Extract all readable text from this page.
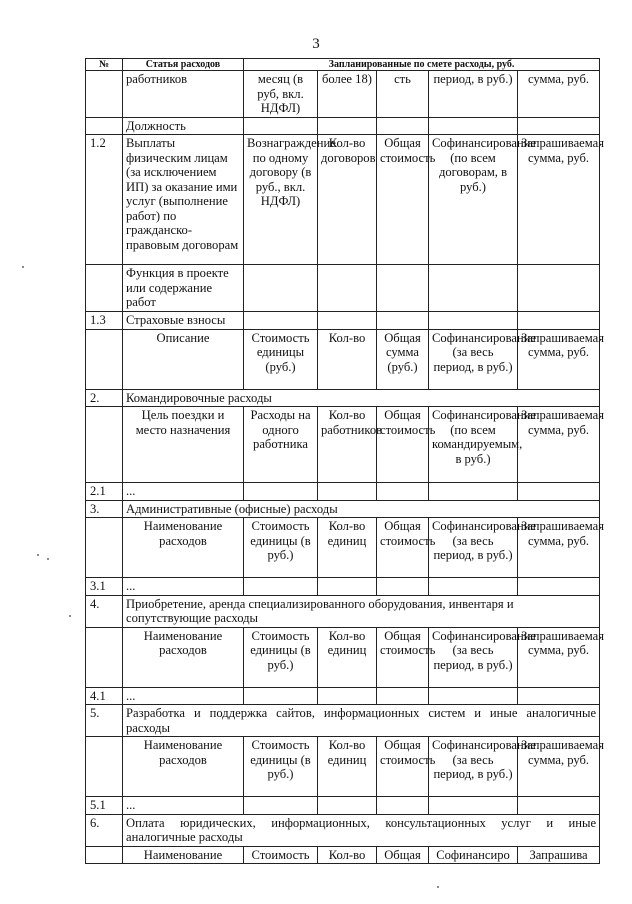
3
№	Статья расходов	Запланированные по смете расходы, руб.				
	работников	месяц (в руб, вкл. НДФЛ)	более 18)	сть	период, в руб.)	сумма, руб.
	Должность					
1.2	Выплаты физическим лицам (за исключением ИП) за оказание ими услуг (выполнение работ) по гражданско-правовым договорам	Вознаграждение по одному договору (в руб., вкл. НДФЛ)	Кол-во договоров	Общая стоимость	Софинансирование (по всем договорам, в руб.)	Запрашиваемая сумма, руб.
	Функция в проекте или содержание работ					
1.3	Страховые взносы					
	Описание	Стоимость единицы (руб.)	Кол-во	Общая сумма (руб.)	Софинансирование (за весь период, в руб.)	Запрашиваемая сумма, руб.
2.	Командировочные расходы					
	Цель поездки и место назначения	Расходы на одного работника	Кол-во работников	Общая стоимость	Софинансирование (по всем командируемым, в руб.)	Запрашиваемая сумма, руб.
2.1	...					
3.	Административные (офисные) расходы					
	Наименование расходов	Стоимость единицы (в руб.)	Кол-во единиц	Общая стоимость	Софинансирование (за весь период, в руб.)	Запрашиваемая сумма, руб.
3.1	...					
4.	Приобретение, аренда специализированного оборудования, инвентаря и сопутствующие расходы					
	Наименование расходов	Стоимость единицы (в руб.)	Кол-во единиц	Общая стоимость	Софинансирование (за весь период, в руб.)	Запрашиваемая сумма, руб.
4.1	...					
5.	Разработка и поддержка сайтов, информационных систем и иные аналогичные
расходы					

	Наименование расходов	Стоимость единицы (в руб.)	Кол-во единиц	Общая стоимость	Софинансирование (за весь период, в руб.)	Запрашиваемая сумма, руб.
5.1	...					
6.	Оплата юридических, информационных, консультационных услуг и иные
аналогичные расходы					

	Наименование	Стоимость	Кол-во	Общая	Софинансиро	Запрашива
